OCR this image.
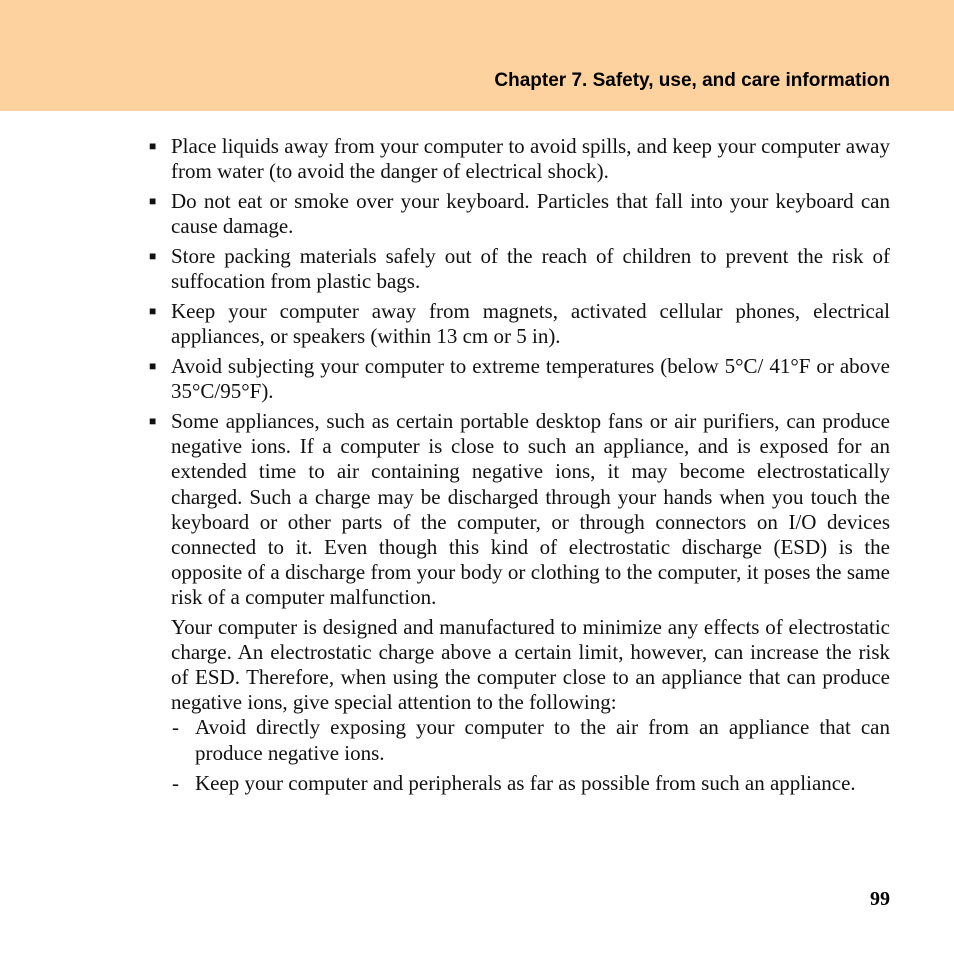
Chapter 7. Safety, use, and care information
■ Place liquids away from your computer to avoid spills, and keep your computer away from water (to avoid the danger of electrical shock).
■ Do not eat or smoke over your keyboard. Particles that fall into your keyboard can cause damage.
■ Store packing materials safely out of the reach of children to prevent the risk of suffocation from plastic bags.
■ Keep your computer away from magnets, activated cellular phones, electrical appliances, or speakers (within 13 cm or 5 in).
■ Avoid subjecting your computer to extreme temperatures (below 5°C/ 41°F or above 35°C/95°F).
■ Some appliances, such as certain portable desktop fans or air purifiers, can produce negative ions. If a computer is close to such an appliance, and is exposed for an extended time to air containing negative ions, it may become electrostatically charged. Such a charge may be discharged through your hands when you touch the keyboard or other parts of the computer, or through connectors on I/O devices connected to it. Even though this kind of electrostatic discharge (ESD) is the opposite of a discharge from your body or clothing to the computer, it poses the same risk of a computer malfunction.

Your computer is designed and manufactured to minimize any effects of electrostatic charge. An electrostatic charge above a certain limit, however, can increase the risk of ESD. Therefore, when using the computer close to an appliance that can produce negative ions, give special attention to the following:

- Avoid directly exposing your computer to the air from an appliance that can produce negative ions.
- Keep your computer and peripherals as far as possible from such an appliance.
99
